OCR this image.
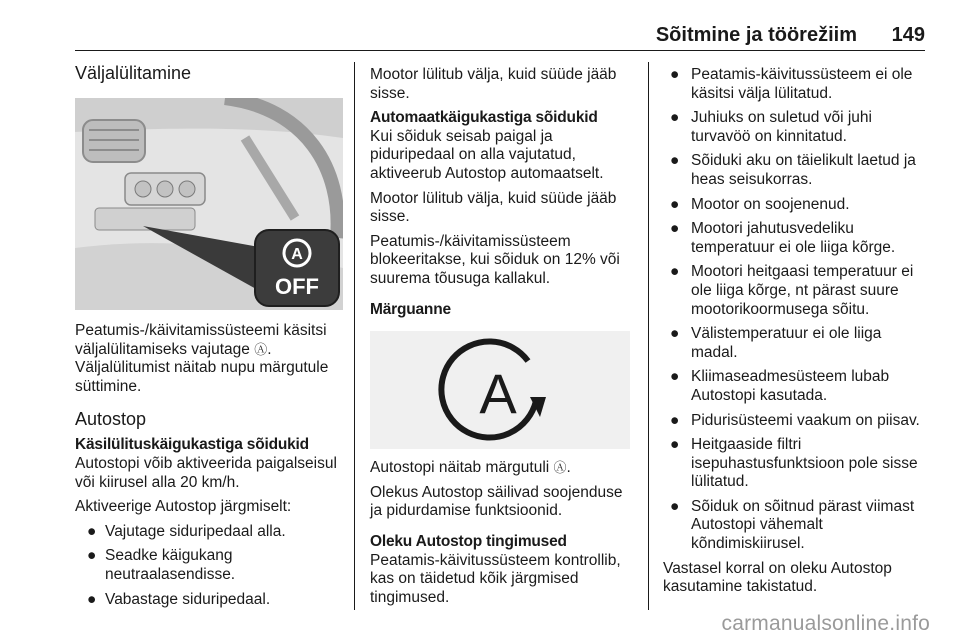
Sõitmine ja töörežiim 149
Väljalülitamine
A
OFF

Peatumis-/käivitamissüsteemi käsitsi väljalülitamiseks vajutage Ⓐ.

Väljalülitumist näitab nupu märgutule süttimine.

Autostop
Käsilülituskäigukastiga sõidukid

Autostopi võib aktiveerida paigalseisul või kiirusel alla 20 km/h.

Aktiveerige Autostop järgmiselt:

● Vajutage siduripedaal alla.
● Seadke käigukang neutraalasendisse.
● Vabastage siduripedaal.

Mootor lülitub välja, kuid süüde jääb sisse.

Automaatkäigukastiga sõidukid

Kui sõiduk seisab paigal ja piduripedaal on alla vajutatud, aktiveerub Autostop automaatselt.

Mootor lülitub välja, kuid süüde jääb sisse.

Peatumis-/käivitamissüsteem blokeeritakse, kui sõiduk on 12% või suurema tõusuga kallakul.

Märguanne
A

Autostopi näitab märgutuli Ⓐ.

Olekus Autostop säilivad soojenduse ja pidurdamise funktsioonid.

Oleku Autostop tingimused

Peatamis-käivitussüsteem kontrollib, kas on täidetud kõik järgmised tingimused.

● Peatamis-käivitussüsteem ei ole käsitsi välja lülitatud.
● Juhiuks on suletud või juhi turvavöö on kinnitatud.
● Sõiduki aku on täielikult laetud ja heas seisukorras.
● Mootor on soojenenud.
● Mootori jahutusvedeliku temperatuur ei ole liiga kõrge.
● Mootori heitgaasi temperatuur ei ole liiga kõrge, nt pärast suure mootorikoormusega sõitu.
● Välistemperatuur ei ole liiga madal.
● Kliimaseadmesüsteem lubab Autostopi kasutada.
● Pidurisüsteemi vaakum on piisav.
● Heitgaaside filtri isepuhastusfunktsioon pole sisse lülitatud.
● Sõiduk on sõitnud pärast viimast Autostopi vähemalt kõndimiskiirusel.

Vastasel korral on oleku Autostop kasutamine takistatud.

carmanualsonline.info
